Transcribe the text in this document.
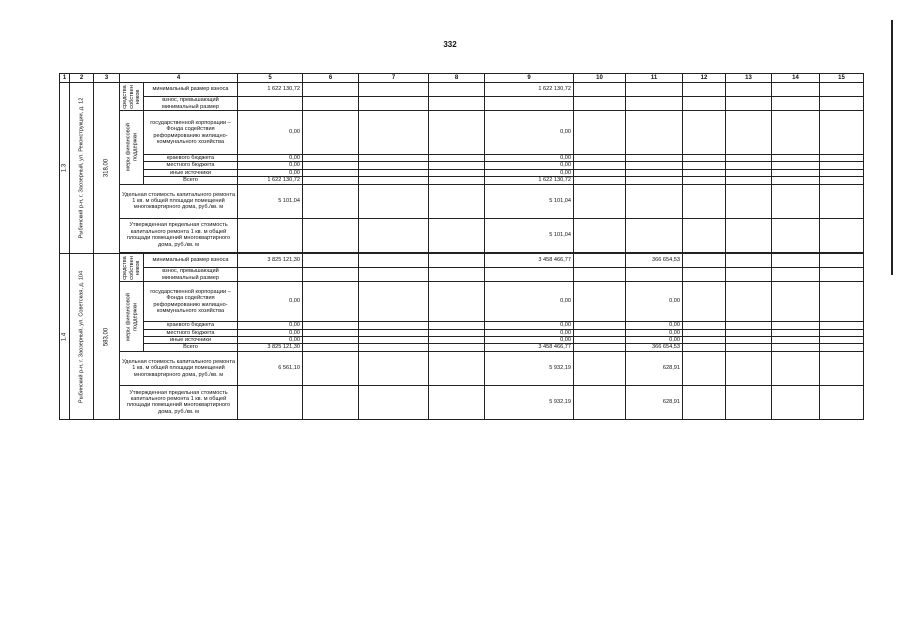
332
1	2	3	4		5	6	7	8	9	10	11	12	13	14	15

1.3	Рыбинский р-н, г. Заозерный, ул. Реконструкции, д. 12	318,00	средства собствен ников	минимальный размер взноса	1 622 130,72				1 622 130,72						
				взнос, превышающий минимальный размер											

			меры финансовой поддержки	государственной корпорации – Фонда содействия реформированию жилищно-коммунального хозяйства	0,00				0,00						
				краевого бюджета	0,00				0,00						
				местного бюджета	0,00				0,00						
				иные источники	0,00				0,00						
				Всего	1 622 130,72				1 622 130,72						
			Удельная стоимость капитального ремонта 1 кв. м общей площади помещений многоквартирного дома, руб./кв. м		5 101,04				5 101,04						
			Утвержденная предельная стоимость капитального ремонта 1 кв. м общей площади помещений многоквартирного дома, руб./кв. м						5 101,04						

1.4	Рыбинский р-н, г. Заозерный, ул. Советская, д. 104	583,00	средства собствен ников	минимальный размер взноса	3 825 121,30				3 458 466,77		366 654,53				
				взнос, превышающий минимальный размер											

			меры финансовой поддержки	государственной корпорации – Фонда содействия реформированию жилищно-коммунального хозяйства	0,00				0,00		0,00				
				краевого бюджета	0,00				0,00		0,00				
				местного бюджета	0,00				0,00		0,00				
				иные источники	0,00				0,00		0,00				
				Всего	3 825 121,30				3 458 466,77		366 654,53				
			Удельная стоимость капитального ремонта 1 кв. м общей площади помещений многоквартирного дома, руб./кв. м		6 561,10				5 932,19		628,91				
			Утвержденная предельная стоимость капитального ремонта 1 кв. м общей площади помещений многоквартирного дома, руб./кв. м						5 932,19		628,91				
